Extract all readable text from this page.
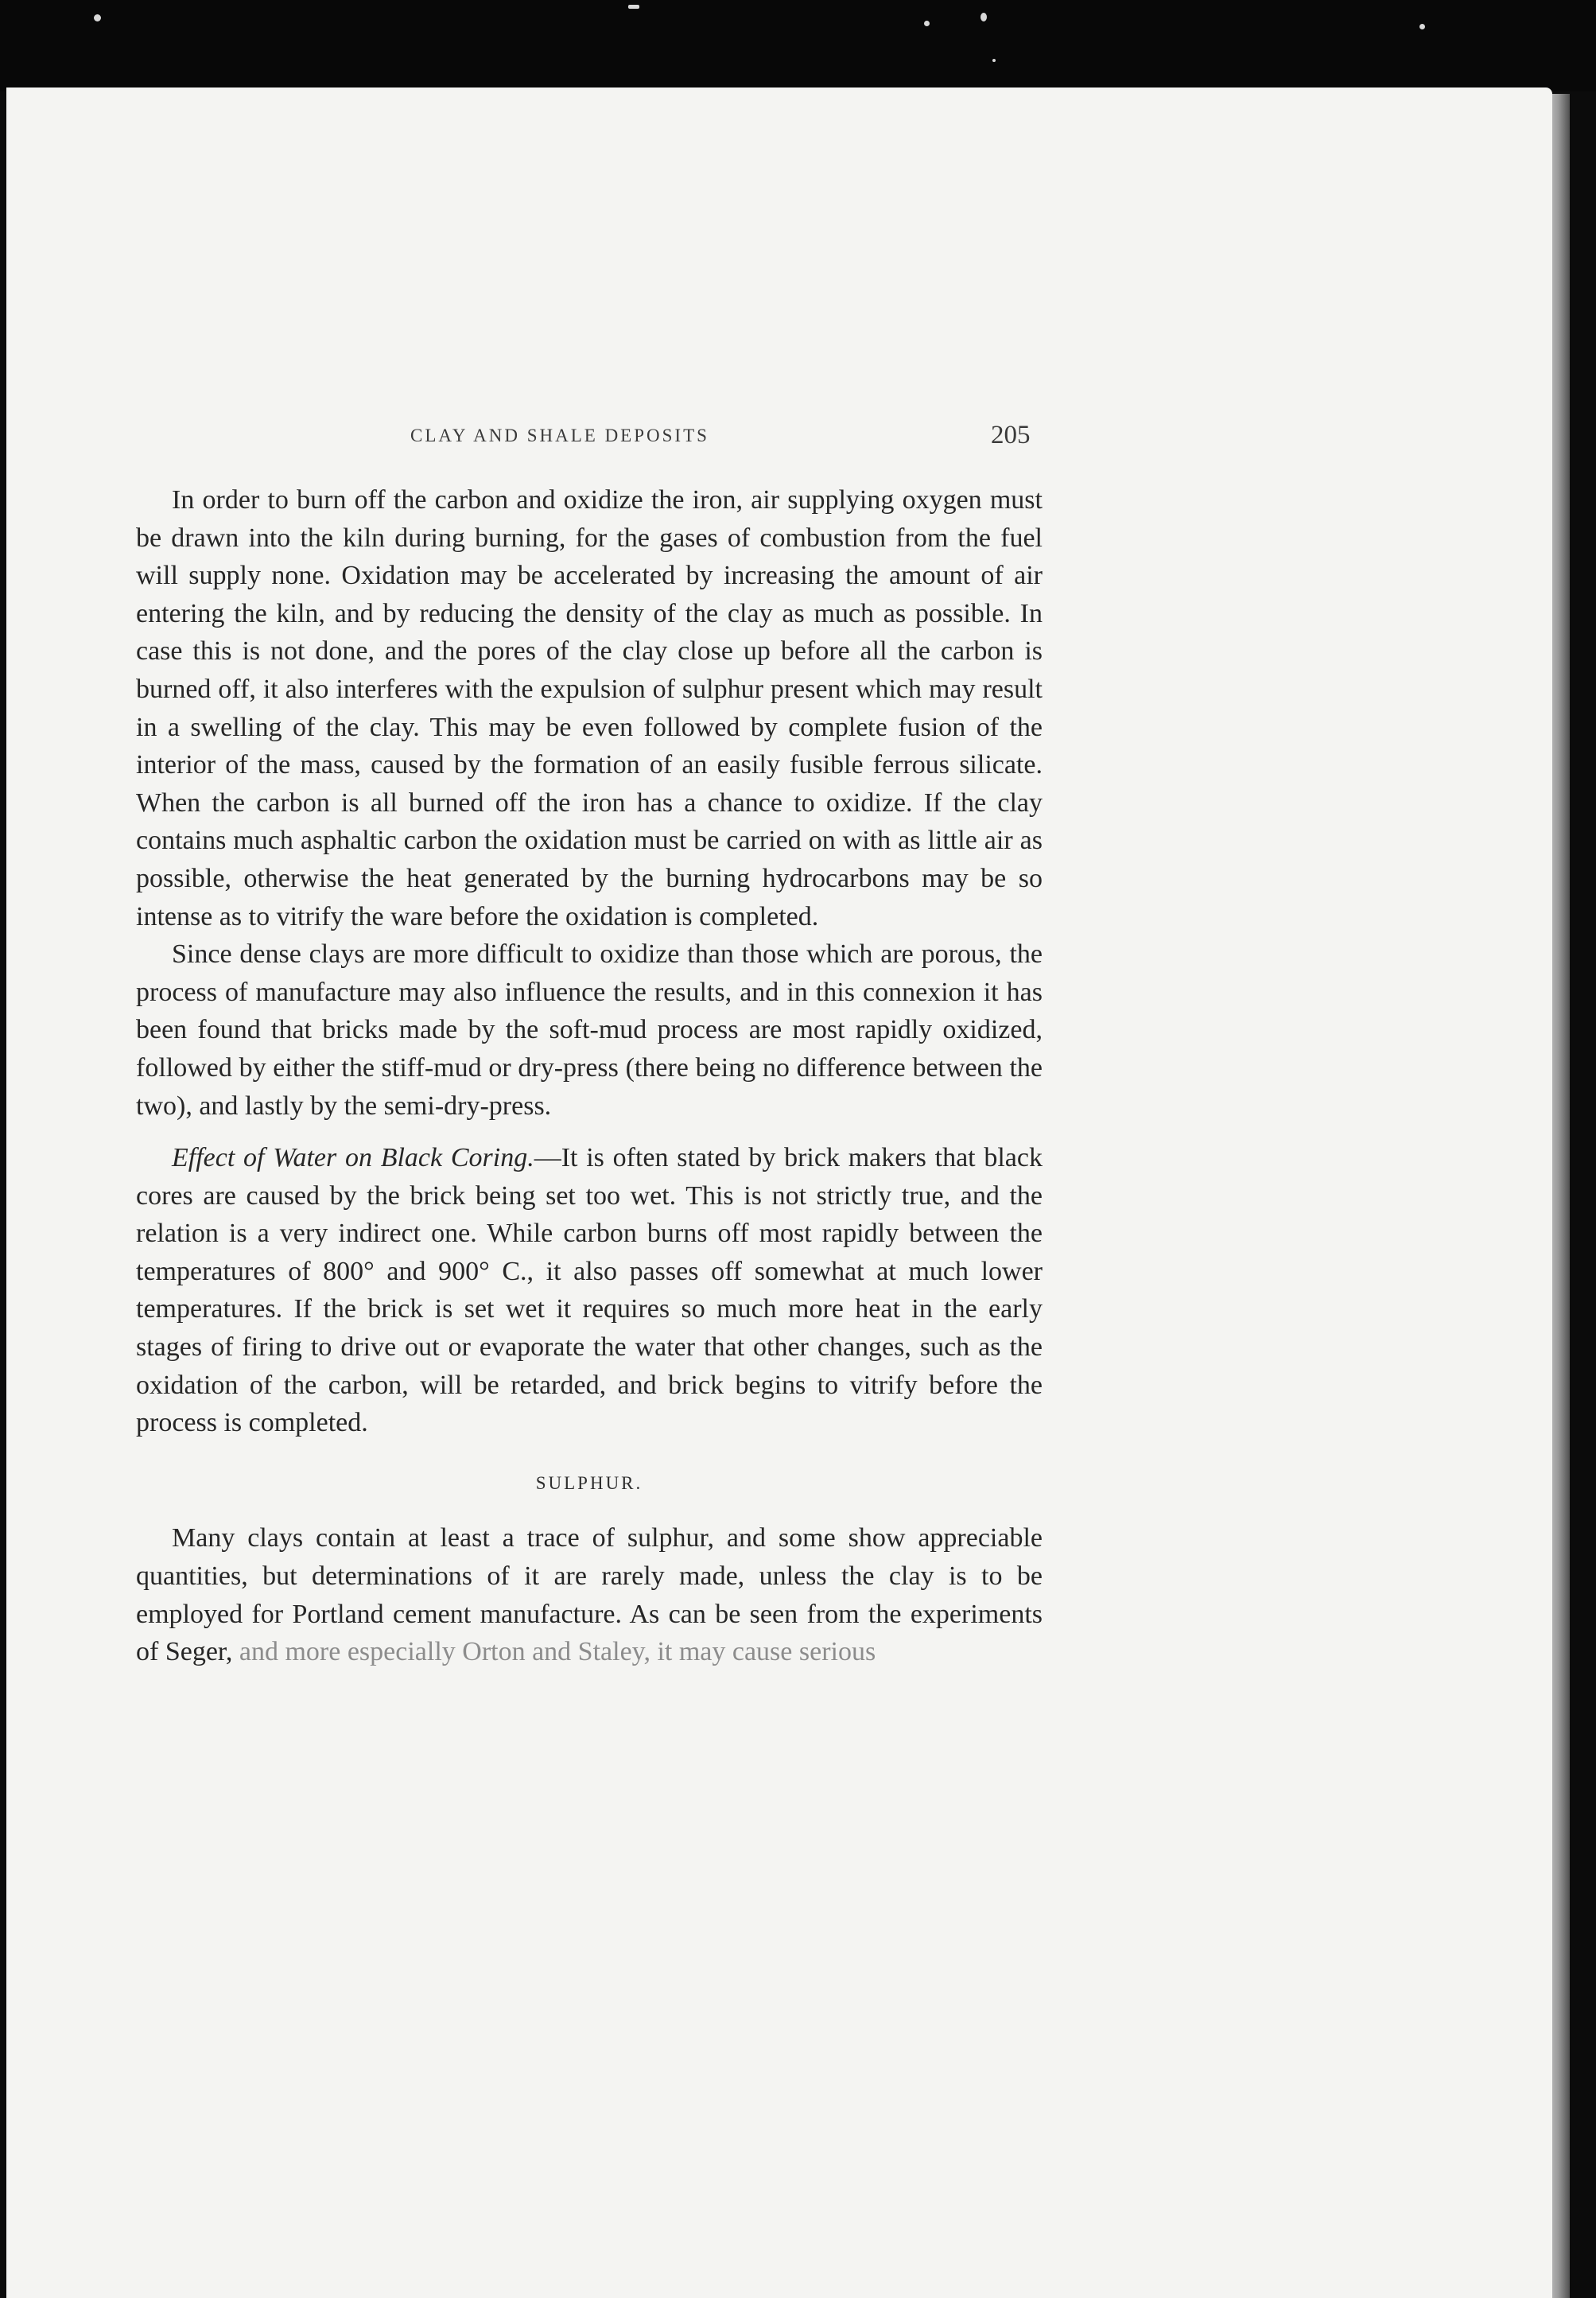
CLAY AND SHALE DEPOSITS	205

In order to burn off the carbon and oxidize the iron, air supplying oxygen must be drawn into the kiln during burning, for the gases of combustion from the fuel will supply none. Oxidation may be accelerated by increasing the amount of air entering the kiln, and by reducing the density of the clay as much as possible. In case this is not done, and the pores of the clay close up before all the carbon is burned off, it also interferes with the expulsion of sulphur present which may result in a swelling of the clay. This may be even followed by complete fusion of the interior of the mass, caused by the formation of an easily fusible ferrous silicate. When the carbon is all burned off the iron has a chance to oxidize. If the clay contains much asphaltic carbon the oxidation must be carried on with as little air as possible, otherwise the heat generated by the burning hydrocarbons may be so intense as to vitrify the ware before the oxidation is completed.

Since dense clays are more difficult to oxidize than those which are porous, the process of manufacture may also influence the results, and in this connexion it has been found that bricks made by the soft-mud process are most rapidly oxidized, followed by either the stiff-mud or dry-press (there being no difference between the two), and lastly by the semi-dry-press.

Effect of Water on Black Coring.—It is often stated by brick makers that black cores are caused by the brick being set too wet. This is not strictly true, and the relation is a very indirect one. While carbon burns off most rapidly between the temperatures of 800° and 900° C., it also passes off somewhat at much lower temperatures. If the brick is set wet it requires so much more heat in the early stages of firing to drive out or evaporate the water that other changes, such as the oxidation of the carbon, will be retarded, and brick begins to vitrify before the process is completed.

SULPHUR.

Many clays contain at least a trace of sulphur, and some show appreciable quantities, but determinations of it are rarely made, unless the clay is to be employed for Portland cement manufacture. As can be seen from the experiments of Seger, and more especially Orton and Staley, it may cause serious
